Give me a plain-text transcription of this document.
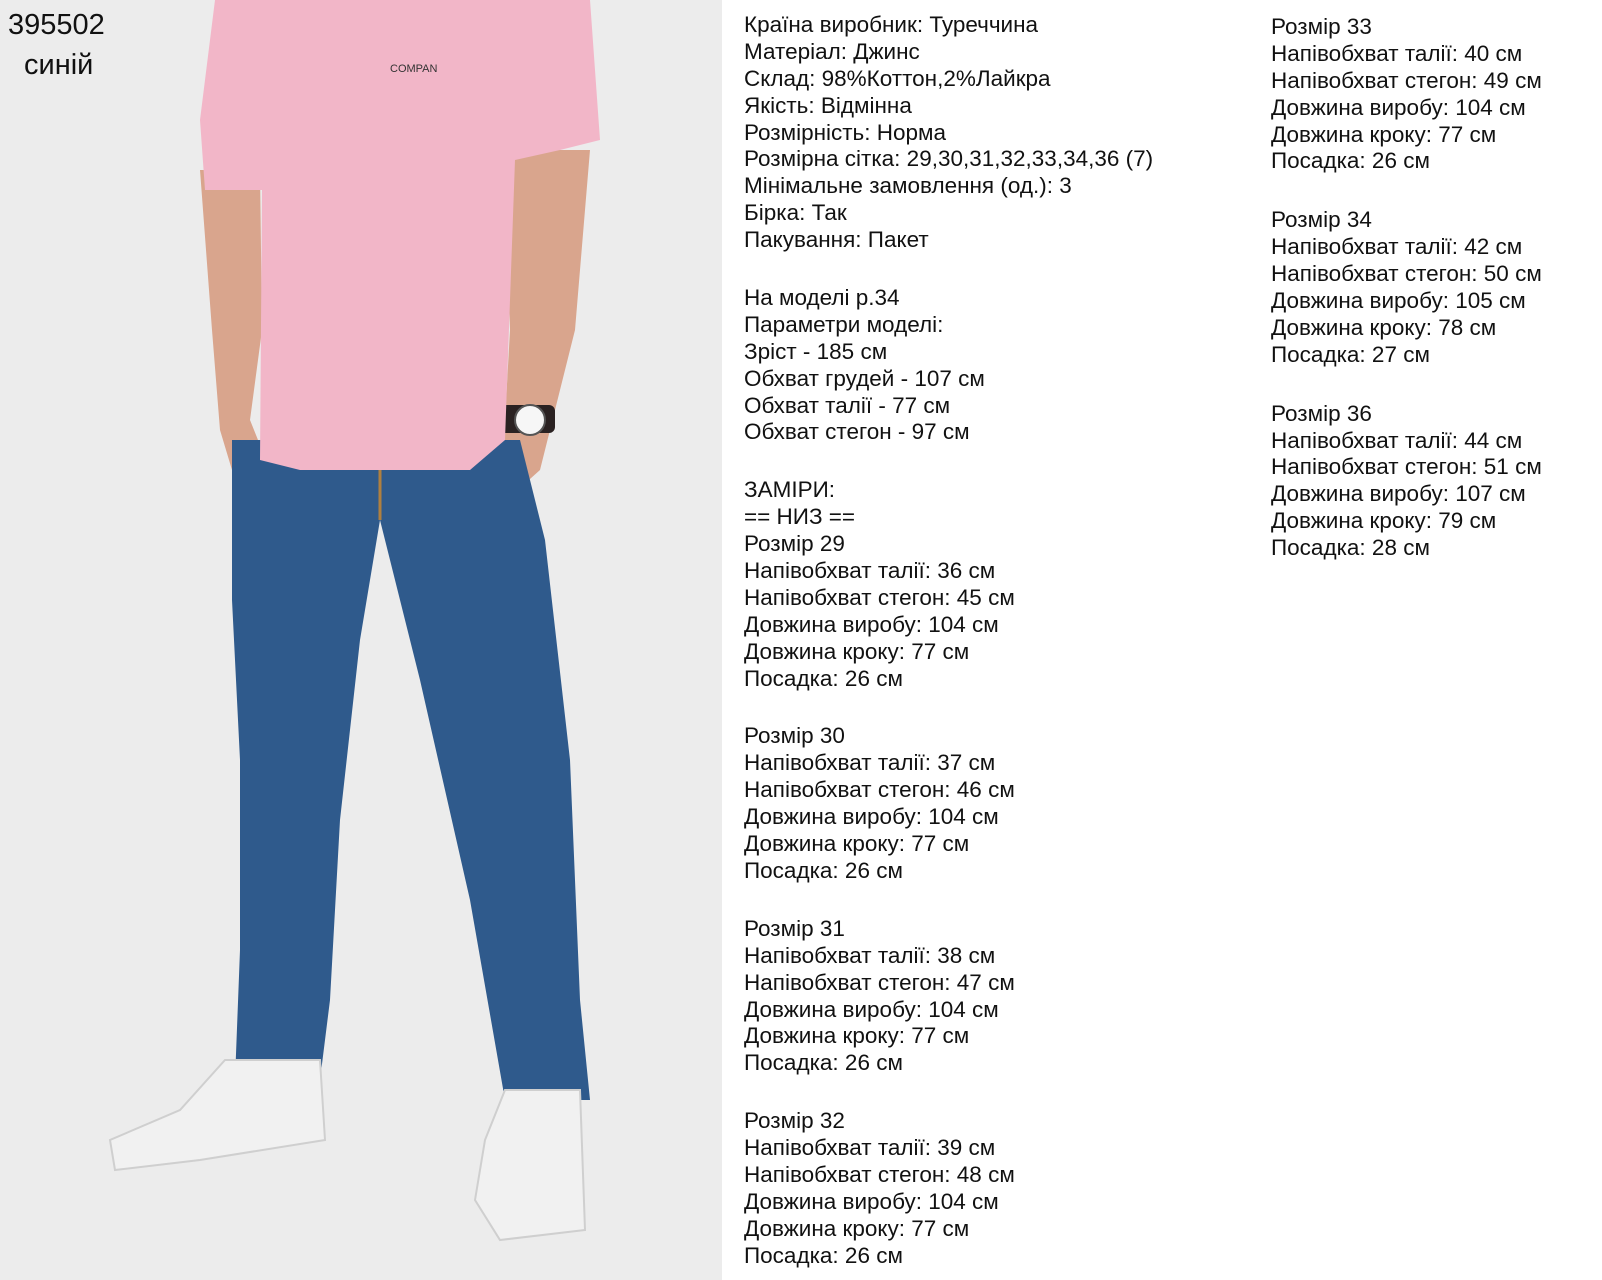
COMPAN
395502
синій
Країна виробник: Туреччина
Матеріал: Джинс
Склад: 98%Коттон,2%Лайкра
Якість: Відмінна
Розмірність: Норма
Розмірна сітка: 29,30,31,32,33,34,36 (7)
Мінімальне замовлення (од.): 3
Бірка: Так
Пакування: Пакет
На моделі р.34
Параметри моделі:
Зріст - 185 см
Обхват грудей - 107 см
Обхват талії - 77 см
Обхват стегон - 97 см
ЗАМІРИ:
== НИЗ ==
Розмір 29
Напівобхват талії: 36 см
Напівобхват стегон: 45 см
Довжина виробу: 104 см
Довжина кроку: 77 см
Посадка: 26 см
Розмір 30
Напівобхват талії: 37 см
Напівобхват стегон: 46 см
Довжина виробу: 104 см
Довжина кроку: 77 см
Посадка: 26 см
Розмір 31
Напівобхват талії: 38 см
Напівобхват стегон: 47 см
Довжина виробу: 104 см
Довжина кроку: 77 см
Посадка: 26 см
Розмір 32
Напівобхват талії: 39 см
Напівобхват стегон: 48 см
Довжина виробу: 104 см
Довжина кроку: 77 см
Посадка: 26 см
Розмір 33
Напівобхват талії: 40 см
Напівобхват стегон: 49 см
Довжина виробу: 104 см
Довжина кроку: 77 см
Посадка: 26 см
Розмір 34
Напівобхват талії: 42 см
Напівобхват стегон: 50 см
Довжина виробу: 105 см
Довжина кроку: 78 см
Посадка: 27 см
Розмір 36
Напівобхват талії: 44 см
Напівобхват стегон: 51 см
Довжина виробу: 107 см
Довжина кроку: 79 см
Посадка: 28 см
